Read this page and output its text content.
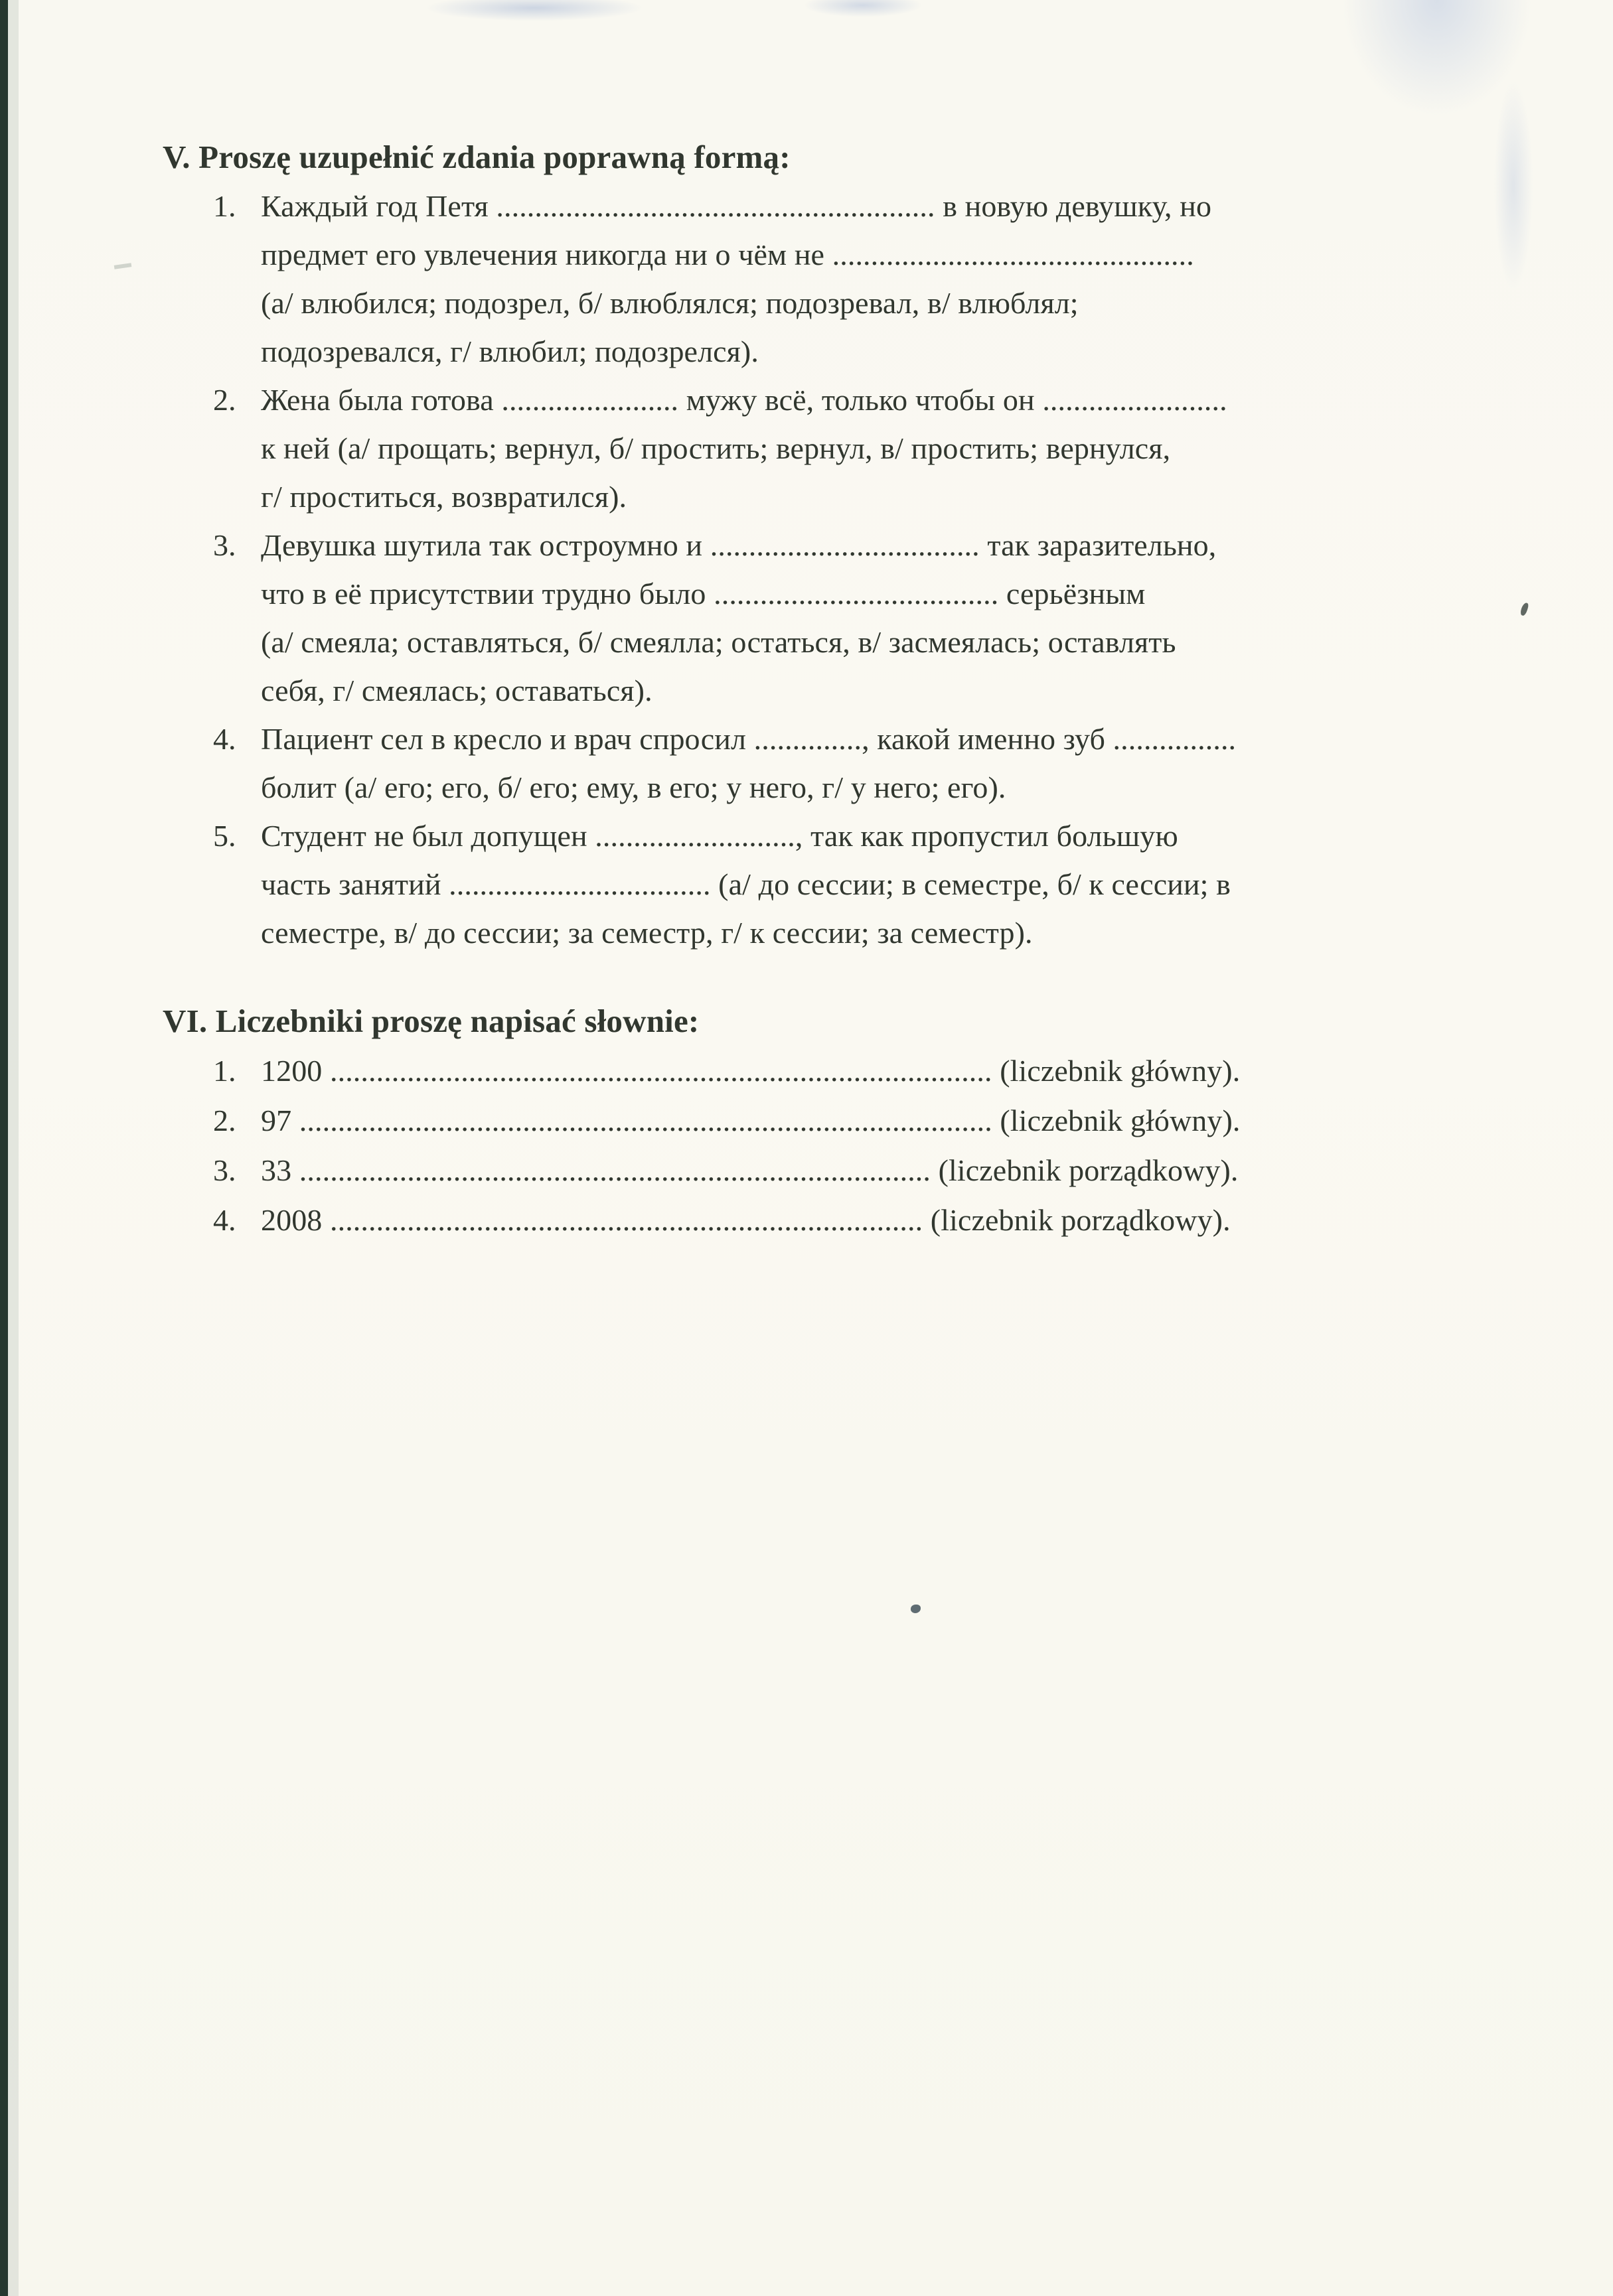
V. Proszę uzupełnić zdania poprawną formą:
1. Каждый год Петя ......................................................... в новую девушку, но
предмет его увлечения никогда ни о чём не ...............................................
(а/ влюбился; подозрел, б/ влюблялся; подозревал, в/ влюблял;
подозревался, г/ влюбил; подозрелся).
2. Жена была готова ....................... мужу всё, только чтобы он ........................
к ней (а/ прощать; вернул, б/ простить; вернул, в/ простить; вернулся,
г/ проститься, возвратился).
3. Девушка шутила так остроумно и ................................... так заразительно,
что в её присутствии трудно было ..................................... серьёзным
(а/ смеяла; оставляться, б/ смеялла; остаться, в/ засмеялась; оставлять
себя, г/ смеялась; оставаться).
4. Пациент сел в кресло и врач спросил .............., какой именно зуб ................
болит (а/ его; его, б/ его; ему, в его; у него, г/ у него; его).
5. Студент не был допущен .........................., так как пропустил большую
часть занятий .................................. (а/ до сессии; в семестре, б/ к сессии; в
семестре, в/ до сессии; за семестр, г/ к сессии; за семестр).
VI. Liczebniki proszę napisać słownie:
1. 1200 ...................................................................................... (liczebnik główny).
2. 97 .......................................................................................... (liczebnik główny).
3. 33 .................................................................................. (liczebnik porządkowy).
4. 2008 ............................................................................. (liczebnik porządkowy).
